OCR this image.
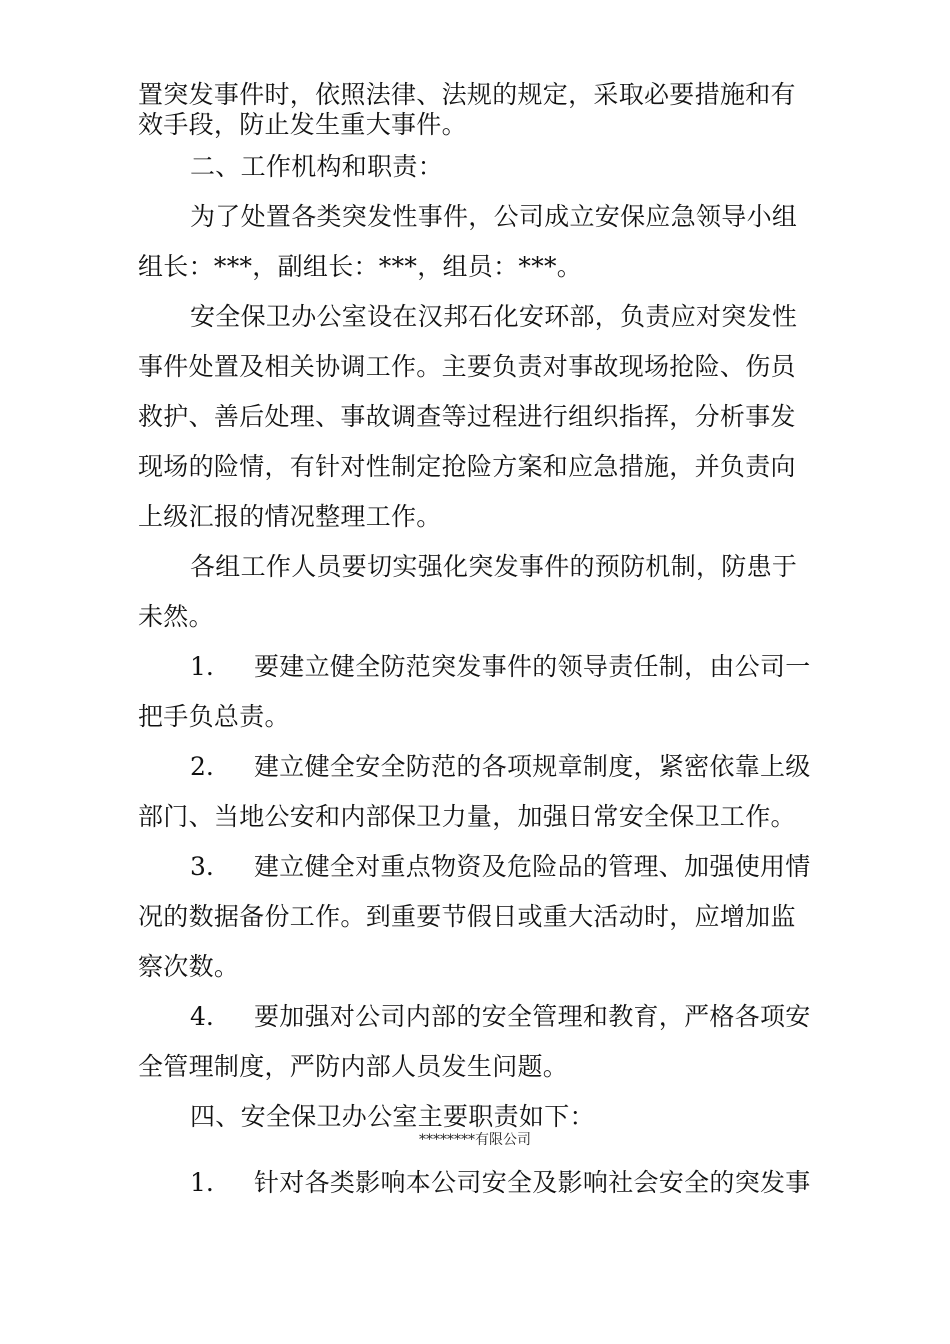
置突发事件时，依照法律、法规的规定，采取必要措施和有
效手段，防止发生重大事件。
二、工作机构和职责：
为了处置各类突发性事件，公司成立安保应急领导小组
组长：***，副组长：***，组员：***。
安全保卫办公室设在汉邦石化安环部，负责应对突发性
事件处置及相关协调工作。主要负责对事故现场抢险、伤员
救护、善后处理、事故调查等过程进行组织指挥，分析事发
现场的险情，有针对性制定抢险方案和应急措施，并负责向
上级汇报的情况整理工作。
各组工作人员要切实强化突发事件的预防机制，防患于
未然。
1. 要建立健全防范突发事件的领导责任制，由公司一
把手负总责。
2. 建立健全安全防范的各项规章制度，紧密依靠上级
部门、当地公安和内部保卫力量，加强日常安全保卫工作。
3. 建立健全对重点物资及危险品的管理、加强使用情
况的数据备份工作。到重要节假日或重大活动时，应增加监
察次数。
4. 要加强对公司内部的安全管理和教育，严格各项安
全管理制度，严防内部人员发生问题。
四、安全保卫办公室主要职责如下：
********有限公司
1. 针对各类影响本公司安全及影响社会安全的突发事
